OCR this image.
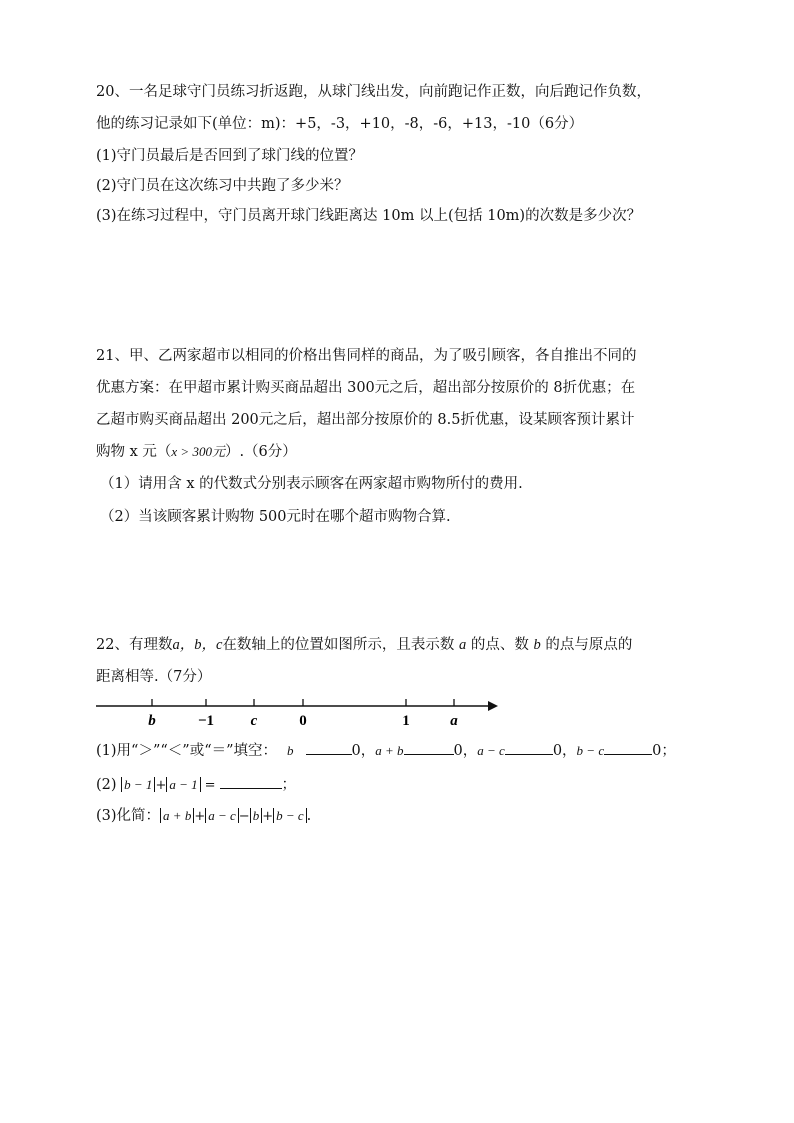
20、一名足球守门员练习折返跑，从球门线出发，向前跑记作正数，向后跑记作负数，
他的练习记录如下(单位：m)：+5，-3，+10，-8，-6，+13，-10（6分）
(1)守门员最后是否回到了球门线的位置？
(2)守门员在这次练习中共跑了多少米？
(3)在练习过程中，守门员离开球门线距离达 10m 以上(包括 10m)的次数是多少次？
21、甲、乙两家超市以相同的价格出售同样的商品，为了吸引顾客，各自推出不同的
优惠方案：在甲超市累计购买商品超出 300元之后，超出部分按原价的 8折优惠；在
乙超市购买商品超出 200元之后，超出部分按原价的 8.5折优惠，设某顾客预计累计
购物 x 元（x > 300元）.（6分）
（1）请用含 x 的代数式分别表示顾客在两家超市购物所付的费用.
（2）当该顾客累计购物 500元时在哪个超市购物合算.
22、有理数a，b，c在数轴上的位置如图所示，且表示数 a 的点、数 b 的点与原点的
距离相等.（7分）
b	−1 c	0	1	a
(1)用“＞”“＜”或“＝”填空： b	0，a + b	0，a − c	0，b − c	0；
(2) b − 1 + a − 1 =	；
(3)化简： a + b + a − c − b + b − c .
